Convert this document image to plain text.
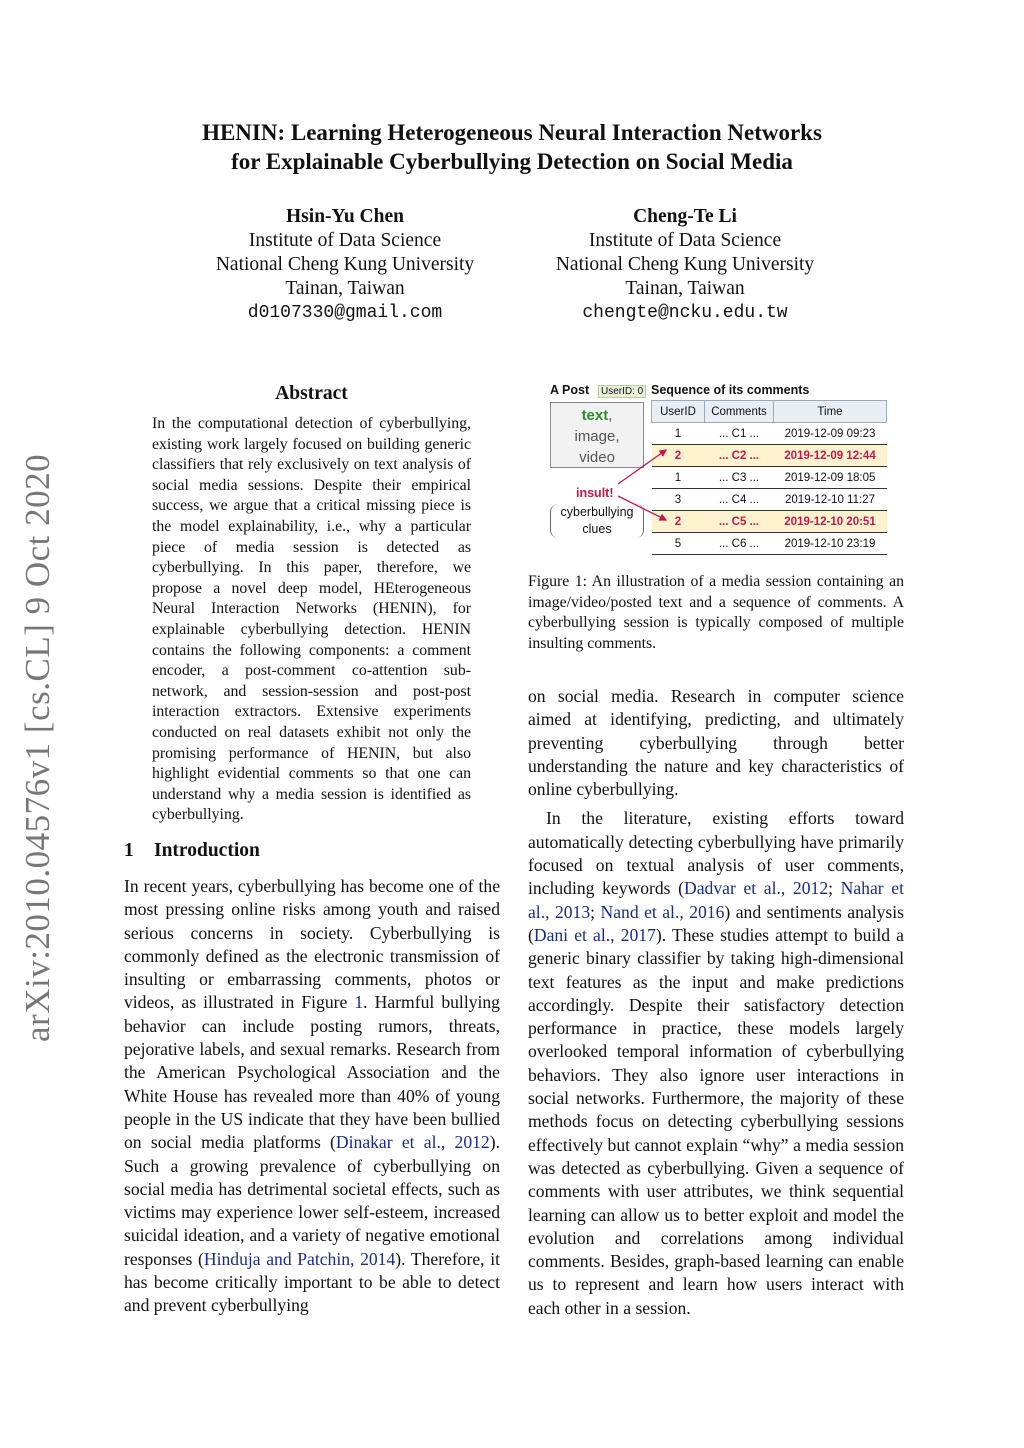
HENIN: Learning Heterogeneous Neural Interaction Networks
for Explainable Cyberbullying Detection on Social Media
Hsin-Yu Chen
Institute of Data Science
National Cheng Kung University
Tainan, Taiwan
d0107330@gmail.com
Cheng-Te Li
Institute of Data Science
National Cheng Kung University
Tainan, Taiwan
chengte@ncku.edu.tw
arXiv:2010.04576v1 [cs.CL] 9 Oct 2020
Abstract
In the computational detection of cyberbullying, existing work largely focused on building generic classifiers that rely exclusively on text analysis of social media sessions. Despite their empirical success, we argue that a critical missing piece is the model explainability, i.e., why a particular piece of media session is detected as cyberbullying. In this paper, therefore, we propose a novel deep model, HEterogeneous Neural Interaction Networks (HENIN), for explainable cyberbullying detection. HENIN contains the following components: a comment encoder, a post-comment co-attention sub-network, and session-session and post-post interaction extractors. Extensive experiments conducted on real datasets exhibit not only the promising performance of HENIN, but also highlight evidential comments so that one can understand why a media session is identified as cyberbullying.
1 Introduction

In recent years, cyberbullying has become one of the most pressing online risks among youth and raised serious concerns in society. Cyberbullying is commonly defined as the electronic transmission of insulting or embarrassing comments, photos or videos, as illustrated in Figure 1. Harmful bullying behavior can include posting rumors, threats, pejorative labels, and sexual remarks. Research from the American Psychological Association and the White House has revealed more than 40% of young people in the US indicate that they have been bullied on social media platforms (Dinakar et al., 2012). Such a growing prevalence of cyberbullying on social media has detrimental societal effects, such as victims may experience lower self-esteem, increased suicidal ideation, and a variety of negative emotional responses (Hinduja and Patchin, 2014). Therefore, it has become critically important to be able to detect and prevent cyberbullying

on social media. Research in computer science aimed at identifying, predicting, and ultimately preventing cyberbullying through better understanding the nature and key characteristics of online cyberbullying.

In the literature, existing efforts toward automatically detecting cyberbullying have primarily focused on textual analysis of user comments, including keywords (Dadvar et al., 2012; Nahar et al., 2013; Nand et al., 2016) and sentiments analysis (Dani et al., 2017). These studies attempt to build a generic binary classifier by taking high-dimensional text features as the input and make predictions accordingly. Despite their satisfactory detection performance in practice, these models largely overlooked temporal information of cyberbullying behaviors. They also ignore user interactions in social networks. Furthermore, the majority of these methods focus on detecting cyberbullying sessions effectively but cannot explain “why” a media session was detected as cyberbullying. Given a sequence of comments with user attributes, we think sequential learning can allow us to better exploit and model the evolution and correlations among individual comments. Besides, graph-based learning can enable us to represent and learn how users interact with each other in a session.

A Post	UserID: 0 Sequence of its comments
text,
image,
video
UserID	Comments	Time
1	... C1 ...	2019-12-09 09:23
2	... C2 ...	2019-12-09 12:44
1	... C3 ...	2019-12-09 18:05
3	... C4 ...	2019-12-10 11:27
2	... C5 ...	2019-12-10 20:51
5	... C6 ...	2019-12-10 23:19
insult!
cyberbullying
clues
Figure 1: An illustration of a media session containing an image/video/posted text and a sequence of comments. A cyberbullying session is typically composed of multiple insulting comments.
